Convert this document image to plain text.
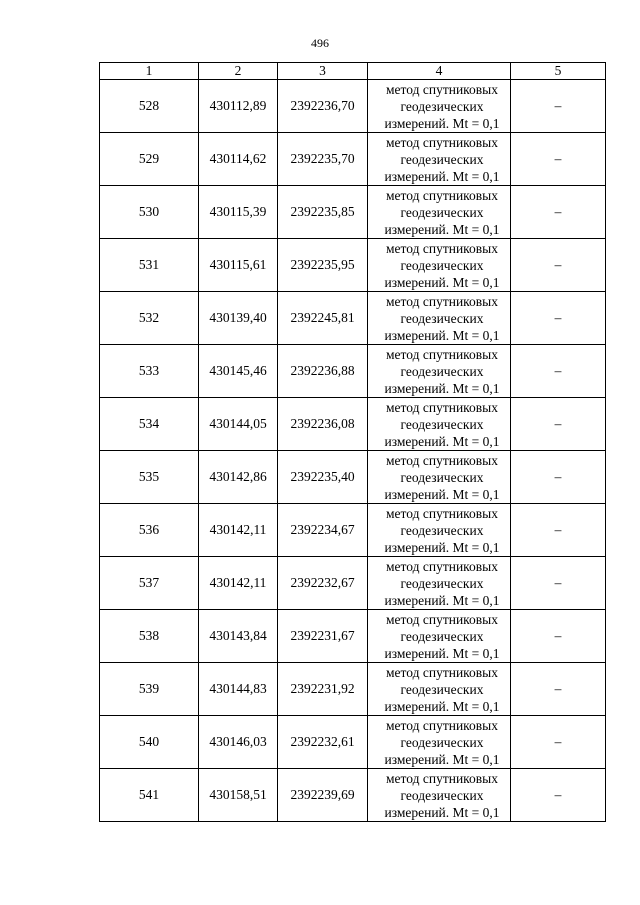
496
1	2	3	4	5
528	430112,89	2392236,70	метод спутниковых
геодезических
измерений. Mt = 0,1	–
529	430114,62	2392235,70	метод спутниковых
геодезических
измерений. Mt = 0,1	–
530	430115,39	2392235,85	метод спутниковых
геодезических
измерений. Mt = 0,1	–
531	430115,61	2392235,95	метод спутниковых
геодезических
измерений. Mt = 0,1	–
532	430139,40	2392245,81	метод спутниковых
геодезических
измерений. Mt = 0,1	–
533	430145,46	2392236,88	метод спутниковых
геодезических
измерений. Mt = 0,1	–
534	430144,05	2392236,08	метод спутниковых
геодезических
измерений. Mt = 0,1	–
535	430142,86	2392235,40	метод спутниковых
геодезических
измерений. Mt = 0,1	–
536	430142,11	2392234,67	метод спутниковых
геодезических
измерений. Mt = 0,1	–
537	430142,11	2392232,67	метод спутниковых
геодезических
измерений. Mt = 0,1	–
538	430143,84	2392231,67	метод спутниковых
геодезических
измерений. Mt = 0,1	–
539	430144,83	2392231,92	метод спутниковых
геодезических
измерений. Mt = 0,1	–
540	430146,03	2392232,61	метод спутниковых
геодезических
измерений. Mt = 0,1	–
541	430158,51	2392239,69	метод спутниковых
геодезических
измерений. Mt = 0,1	–
